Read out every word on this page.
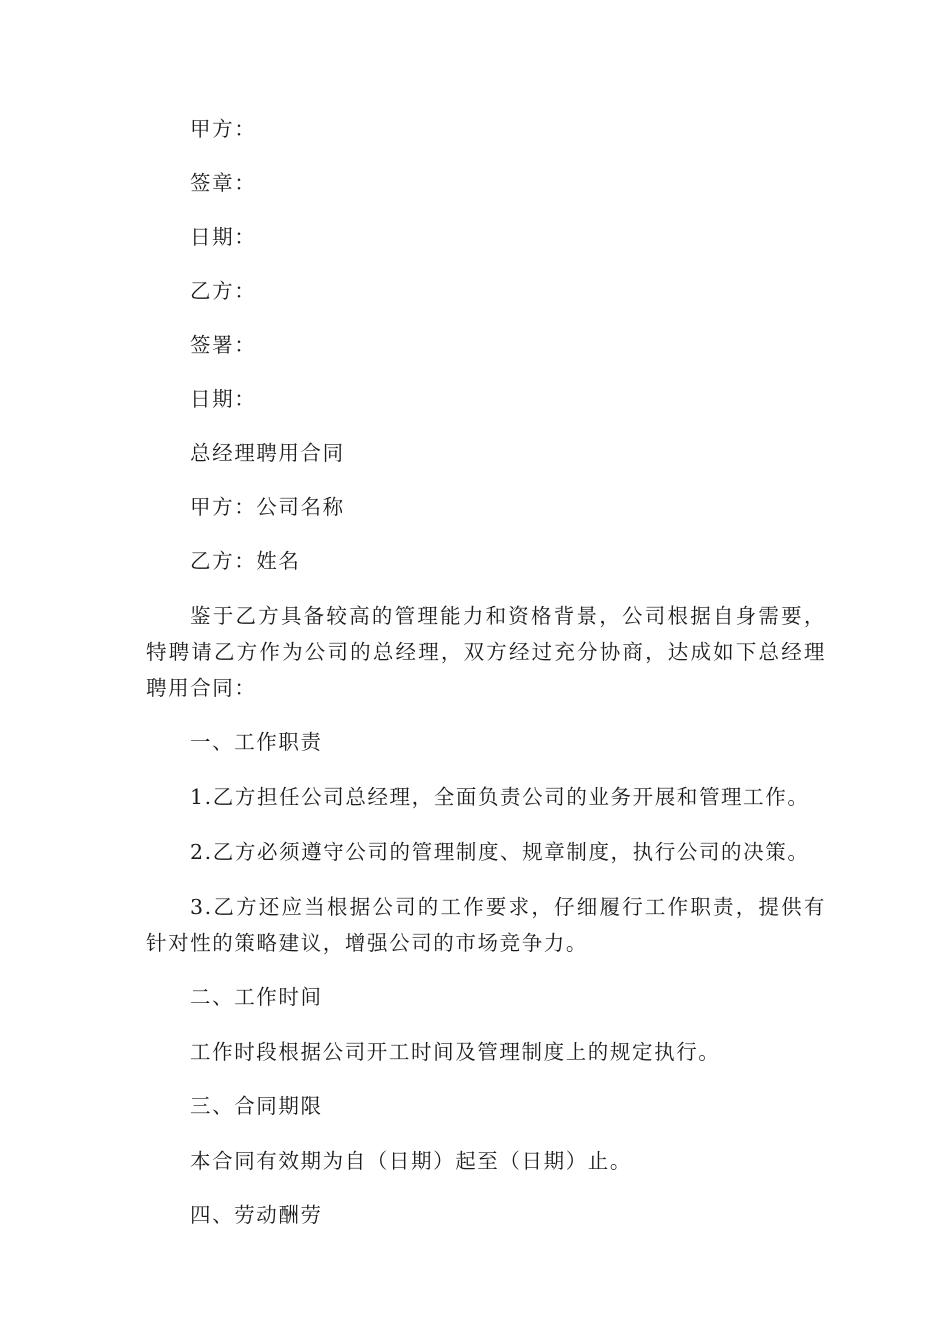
甲方：

签章：

日期：

乙方：

签署：

日期：

总经理聘用合同

甲方：公司名称

乙方：姓名

鉴于乙方具备较高的管理能力和资格背景，公司根据自身需要，特聘请乙方作为公司的总经理，双方经过充分协商，达成如下总经理聘用合同：

一、工作职责

1.乙方担任公司总经理，全面负责公司的业务开展和管理工作。

2.乙方必须遵守公司的管理制度、规章制度，执行公司的决策。

3.乙方还应当根据公司的工作要求，仔细履行工作职责，提供有针对性的策略建议，增强公司的市场竞争力。

二、工作时间

工作时段根据公司开工时间及管理制度上的规定执行。

三、合同期限

本合同有效期为自（日期）起至（日期）止。

四、劳动酬劳
